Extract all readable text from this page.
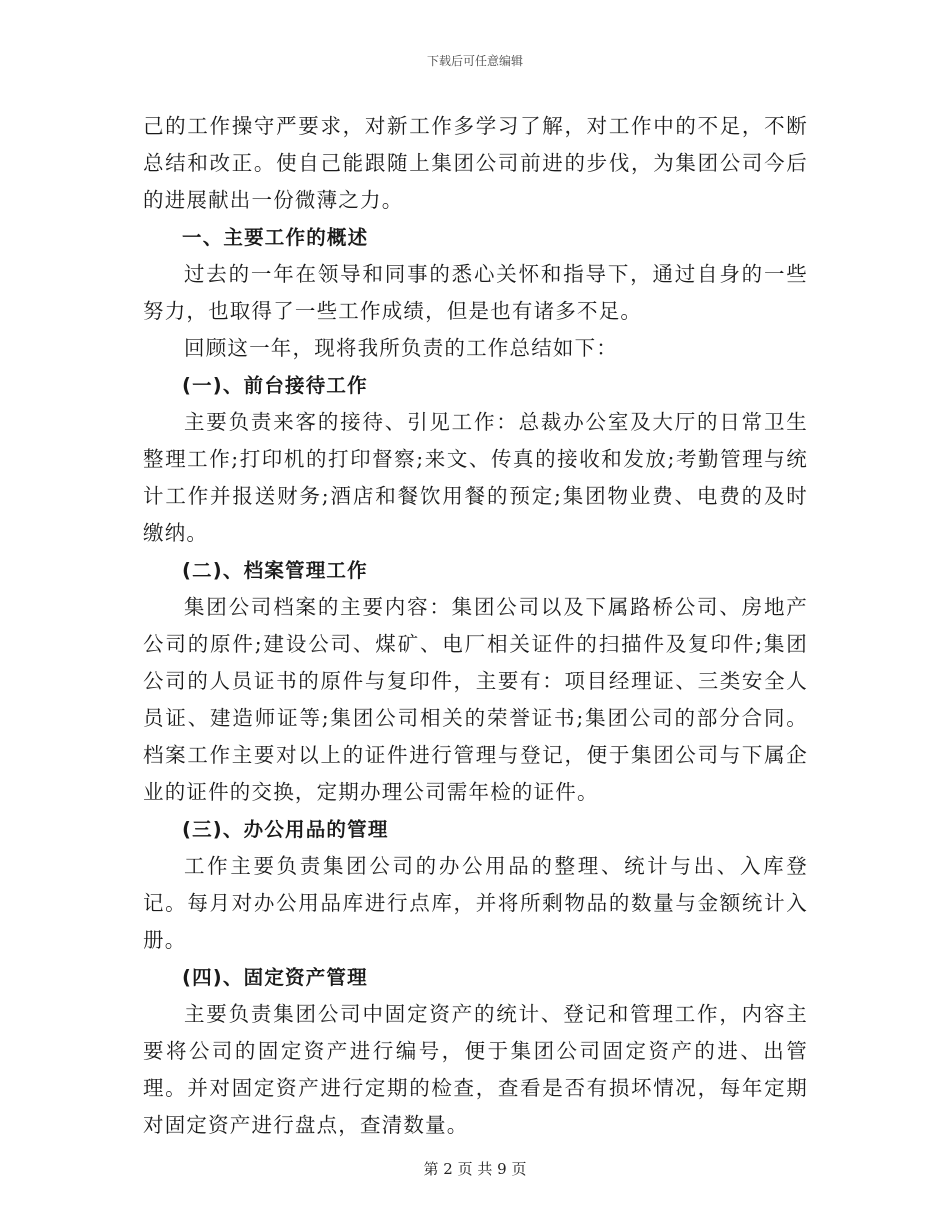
下载后可任意编辑

己的工作操守严要求，对新工作多学习了解，对工作中的不足，不断总结和改正。使自己能跟随上集团公司前进的步伐，为集团公司今后的进展献出一份微薄之力。

一、主要工作的概述

过去的一年在领导和同事的悉心关怀和指导下，通过自身的一些努力，也取得了一些工作成绩，但是也有诸多不足。

回顾这一年，现将我所负责的工作总结如下：

(一)、前台接待工作

主要负责来客的接待、引见工作：总裁办公室及大厅的日常卫生整理工作;打印机的打印督察;来文、传真的接收和发放;考勤管理与统计工作并报送财务;酒店和餐饮用餐的预定;集团物业费、电费的及时缴纳。

(二)、档案管理工作

集团公司档案的主要内容：集团公司以及下属路桥公司、房地产公司的原件;建设公司、煤矿、电厂相关证件的扫描件及复印件;集团公司的人员证书的原件与复印件，主要有：项目经理证、三类安全人员证、建造师证等;集团公司相关的荣誉证书;集团公司的部分合同。档案工作主要对以上的证件进行管理与登记，便于集团公司与下属企业的证件的交换，定期办理公司需年检的证件。

(三)、办公用品的管理

工作主要负责集团公司的办公用品的整理、统计与出、入库登记。每月对办公用品库进行点库，并将所剩物品的数量与金额统计入册。

(四)、固定资产管理

主要负责集团公司中固定资产的统计、登记和管理工作，内容主要将公司的固定资产进行编号，便于集团公司固定资产的进、出管理。并对固定资产进行定期的检查，查看是否有损坏情况，每年定期对固定资产进行盘点，查清数量。

第 2 页 共 9 页
